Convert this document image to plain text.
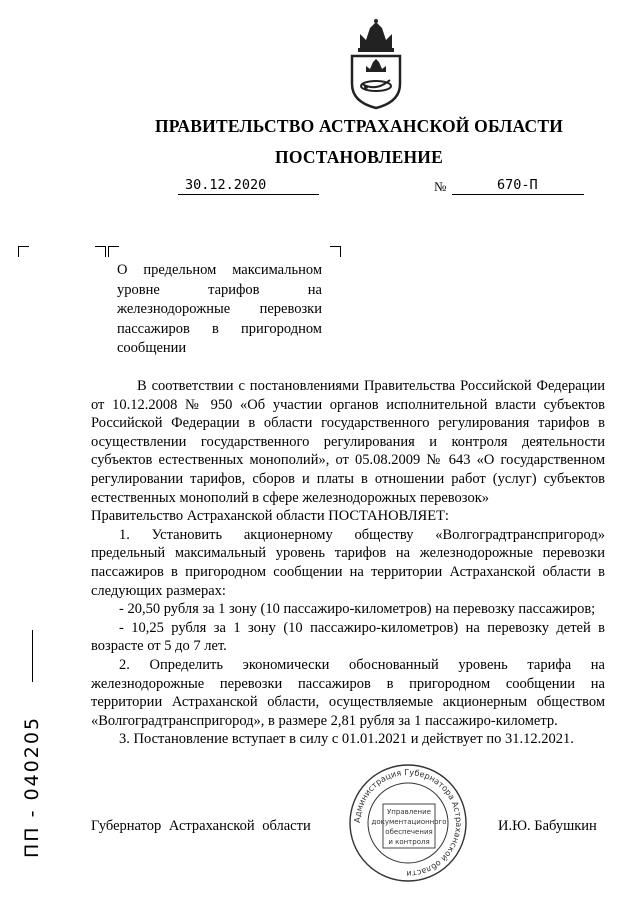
ПРАВИТЕЛЬСТВО АСТРАХАНСКОЙ ОБЛАСТИ
ПОСТАНОВЛЕНИЕ
30.12.2020	№	670-П
О предельном максимальном уровне тарифов на железнодорожные перевозки пассажиров в пригородном сообщении

В соответствии с постановлениями Правительства Российской Федерации от 10.12.2008 № 950 «Об участии органов исполнительной власти субъектов Российской Федерации в области государственного регулирования тарифов в осуществлении государственного регулирования и контроля деятельности субъектов естественных монополий», от 05.08.2009 № 643 «О государственном регулировании тарифов, сборов и платы в отношении работ (услуг) субъектов естественных монополий в сфере железнодорожных перевозок»

Правительство Астраханской области ПОСТАНОВЛЯЕТ:

1. Установить акционерному обществу «Волгоградтранспригород» предельный максимальный уровень тарифов на железнодорожные перевозки пассажиров в пригородном сообщении на территории Астраханской области в следующих размерах:

- 20,50 рубля за 1 зону (10 пассажиро-километров) на перевозку пассажиров;

- 10,25 рубля за 1 зону (10 пассажиро-километров) на перевозку детей в возрасте от 5 до 7 лет.

2. Определить экономически обоснованный уровень тарифа на железнодорожные перевозки пассажиров в пригородном сообщении на территории Астраханской области, осуществляемые акционерным обществом «Волгоградтранспригород», в размере 2,81 рубля за 1 пассажиро-километр.

3. Постановление вступает в силу с 01.01.2021 и действует по 31.12.2021.

Губернатор Астраханской области	И.Ю. Бабушкин
Администрация Губернатора Астраханской области
Управление
документационного
обеспечения
и контроля
ПП - 040205
